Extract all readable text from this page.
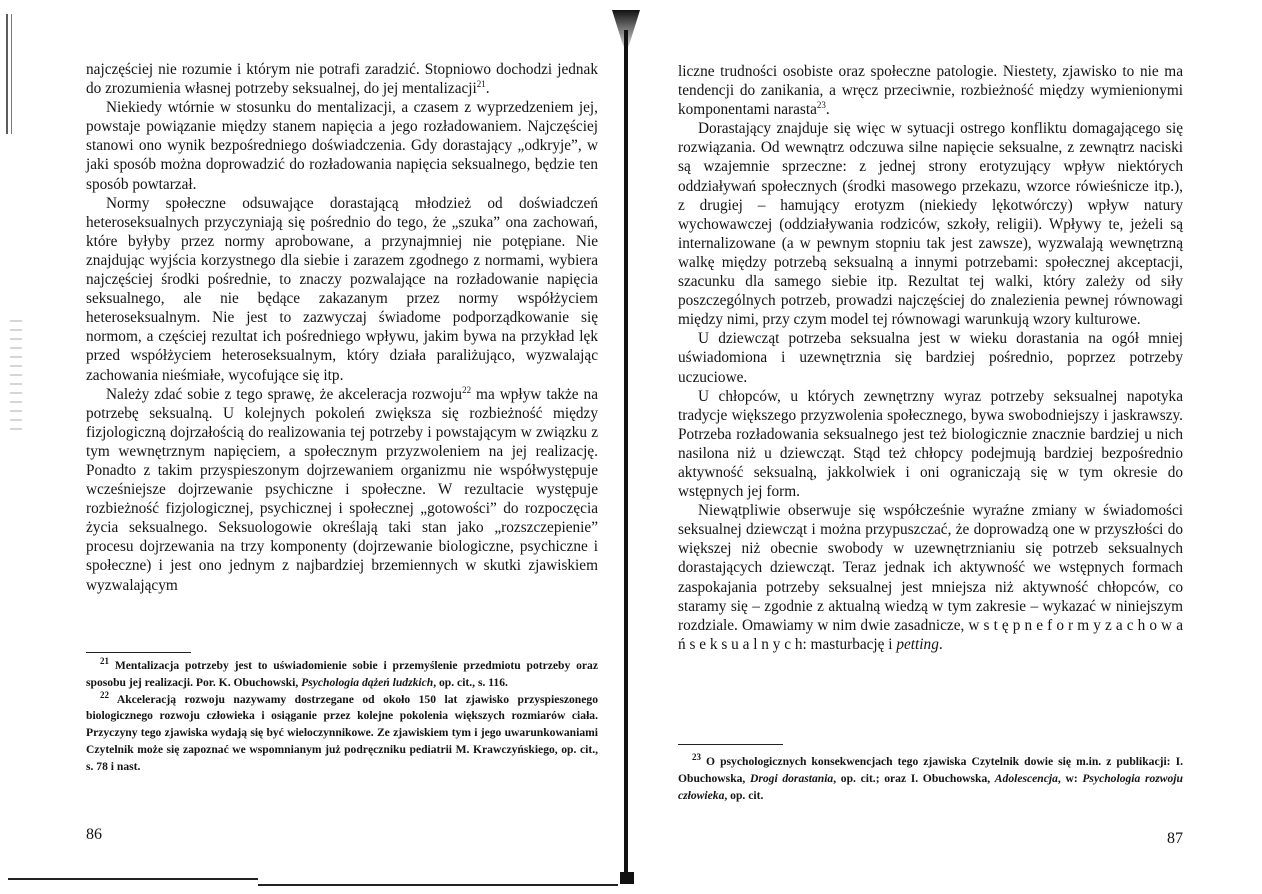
najczęściej nie rozumie i którym nie potrafi zaradzić. Stopniowo dochodzi jednak do zrozumienia własnej potrzeby seksualnej, do jej mentalizacji$^{21}$.

Niekiedy wtórnie w stosunku do mentalizacji, a czasem z wyprzedzeniem jej, powstaje powiązanie między stanem napięcia a jego rozładowaniem. Najczęściej stanowi ono wynik bezpośredniego doświadczenia. Gdy dorastający „odkryje”, w jaki sposób można doprowadzić do rozładowania napięcia seksualnego, będzie ten sposób powtarzał.

Normy społeczne odsuwające dorastającą młodzież od doświadczeń heteroseksualnych przyczyniają się pośrednio do tego, że „szuka” ona zachowań, które byłyby przez normy aprobowane, a przynajmniej nie potępiane. Nie znajdując wyjścia korzystnego dla siebie i zarazem zgodnego z normami, wybiera najczęściej środki pośrednie, to znaczy pozwalające na rozładowanie napięcia seksualnego, ale nie będące zakazanym przez normy współżyciem heteroseksualnym. Nie jest to zazwyczaj świadome podporządkowanie się normom, a częściej rezultat ich pośredniego wpływu, jakim bywa na przykład lęk przed współżyciem heteroseksualnym, który działa paraliżująco, wyzwalając zachowania nieśmiałe, wycofujące się itp.

Należy zdać sobie z tego sprawę, że akceleracja rozwoju$^{22}$ ma wpływ także na potrzebę seksualną. U kolejnych pokoleń zwiększa się rozbieżność między fizjologiczną dojrzałością do realizowania tej potrzeby i powstającym w związku z tym wewnętrznym napięciem, a społecznym przyzwoleniem na jej realizację. Ponadto z takim przyspieszonym dojrzewaniem organizmu nie współwystępuje wcześniejsze dojrzewanie psychiczne i społeczne. W rezultacie występuje rozbieżność fizjologicznej, psychicznej i społecznej „gotowości” do rozpoczęcia życia seksualnego. Seksuologowie określają taki stan jako „rozszczepienie” procesu dojrzewania na trzy komponenty (dojrzewanie biologiczne, psychiczne i społeczne) i jest ono jednym z najbardziej brzemiennych w skutki zjawiskiem wyzwalającym

$^{21}$ Mentalizacja potrzeby jest to uświadomienie sobie i przemyślenie przedmiotu potrzeby oraz sposobu jej realizacji. Por. K. Obuchowski, Psychologia dążeń ludzkich, op. cit., s. 116.

$^{22}$ Akceleracją rozwoju nazywamy dostrzegane od około 150 lat zjawisko przyspieszonego biologicznego rozwoju człowieka i osiąganie przez kolejne pokolenia większych rozmiarów ciała. Przyczyny tego zjawiska wydają się być wieloczynnikowe. Ze zjawiskiem tym i jego uwarunkowaniami Czytelnik może się zapoznać we wspomnianym już podręczniku pediatrii M. Krawczyńskiego, op. cit., s. 78 i nast.

86

liczne trudności osobiste oraz społeczne patologie. Niestety, zjawisko to nie ma tendencji do zanikania, a wręcz przeciwnie, rozbieżność między wymienionymi komponentami narasta$^{23}$.

Dorastający znajduje się więc w sytuacji ostrego konfliktu domagającego się rozwiązania. Od wewnątrz odczuwa silne napięcie seksualne, z zewnątrz naciski są wzajemnie sprzeczne: z jednej strony erotyzujący wpływ niektórych oddziaływań społecznych (środki masowego przekazu, wzorce rówieśnicze itp.), z drugiej – hamujący erotyzm (niekiedy lękotwórczy) wpływ natury wychowawczej (oddziaływania rodziców, szkoły, religii). Wpływy te, jeżeli są internalizowane (a w pewnym stopniu tak jest zawsze), wyzwalają wewnętrzną walkę między potrzebą seksualną a innymi potrzebami: społecznej akceptacji, szacunku dla samego siebie itp. Rezultat tej walki, który zależy od siły poszczególnych potrzeb, prowadzi najczęściej do znalezienia pewnej równowagi między nimi, przy czym model tej równowagi warunkują wzory kulturowe.

U dziewcząt potrzeba seksualna jest w wieku dorastania na ogół mniej uświadomiona i uzewnętrznia się bardziej pośrednio, poprzez potrzeby uczuciowe.

U chłopców, u których zewnętrzny wyraz potrzeby seksualnej napotyka tradycje większego przyzwolenia społecznego, bywa swobodniejszy i jaskrawszy. Potrzeba rozładowania seksualnego jest też biologicznie znacznie bardziej u nich nasilona niż u dziewcząt. Stąd też chłopcy podejmują bardziej bezpośrednio aktywność seksualną, jakkolwiek i oni ograniczają się w tym okresie do wstępnych jej form.

Niewątpliwie obserwuje się współcześnie wyraźne zmiany w świadomości seksualnej dziewcząt i można przypuszczać, że doprowadzą one w przyszłości do większej niż obecnie swobody w uzewnętrznianiu się potrzeb seksualnych dorastających dziewcząt. Teraz jednak ich aktywność we wstępnych formach zaspokajania potrzeby seksualnej jest mniejsza niż aktywność chłopców, co staramy się – zgodnie z aktualną wiedzą w tym zakresie – wykazać w niniejszym rozdziale. Omawiamy w nim dwie zasadnicze, w s t ę p n e f o r m y z a c h o w a ń s e k s u a l n y c h: masturbację i petting.

$^{23}$ O psychologicznych konsekwencjach tego zjawiska Czytelnik dowie się m.in. z publikacji: I. Obuchowska, Drogi dorastania, op. cit.; oraz I. Obuchowska, Adolescencja, w: Psychologia rozwoju człowieka, op. cit.

87
